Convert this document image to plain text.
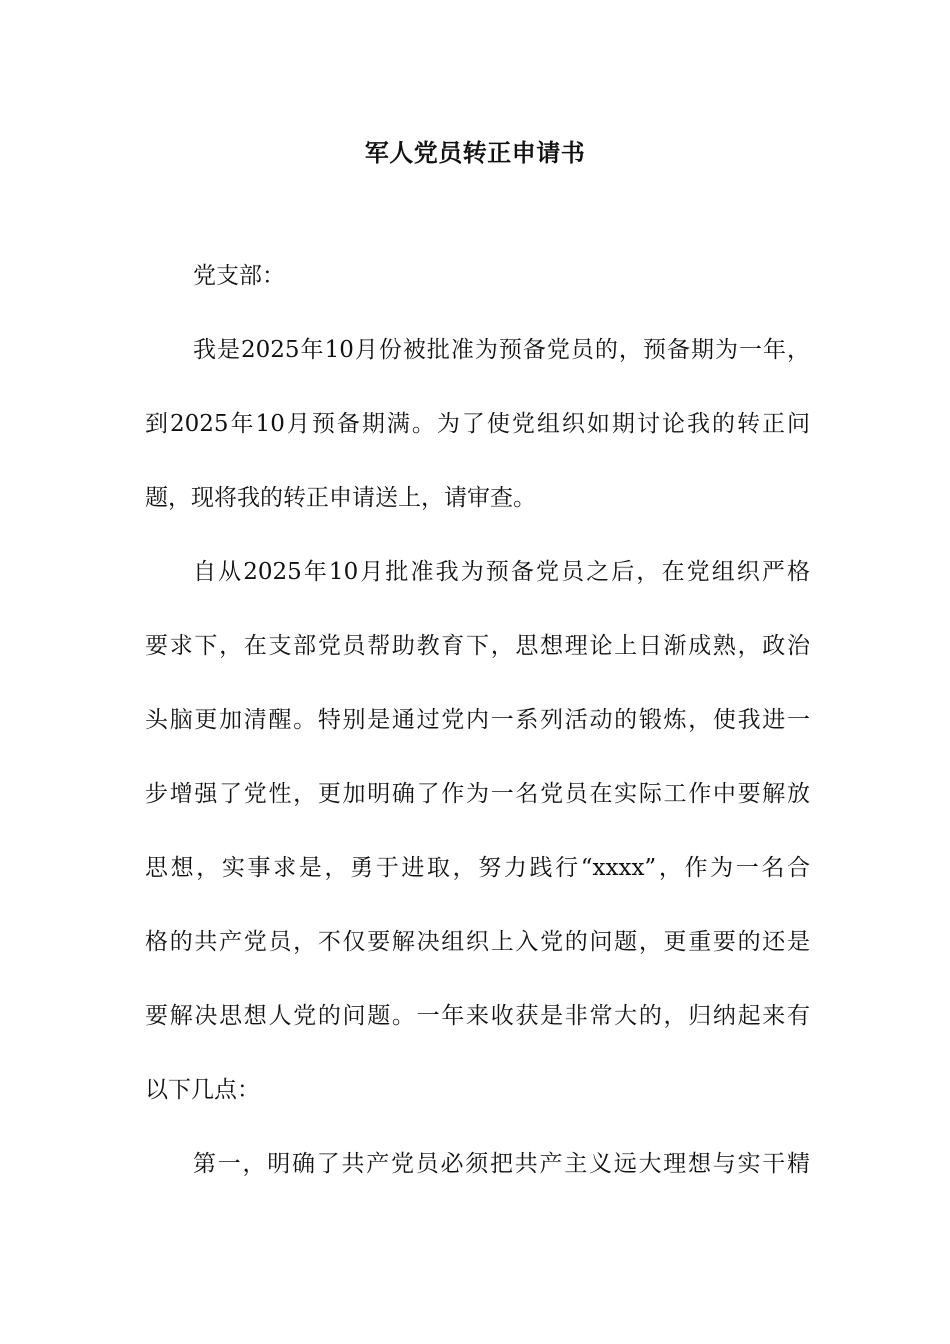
军人党员转正申请书
党支部：
我是2025年10月份被批准为预备党员的，预备期为一年，
到2025年10月预备期满。为了使党组织如期讨论我的转正问
题，现将我的转正申请送上，请审查。
自从2025年10月批准我为预备党员之后，在党组织严格
要求下，在支部党员帮助教育下，思想理论上日渐成熟，政治
头脑更加清醒。特别是通过党内一系列活动的锻炼，使我进一
步增强了党性，更加明确了作为一名党员在实际工作中要解放
思想，实事求是，勇于进取，努力践行“xxxx”，作为一名合
格的共产党员，不仅要解决组织上入党的问题，更重要的还是
要解决思想人党的问题。一年来收获是非常大的，归纳起来有
以下几点：
第一，明确了共产党员必须把共产主义远大理想与实干精
